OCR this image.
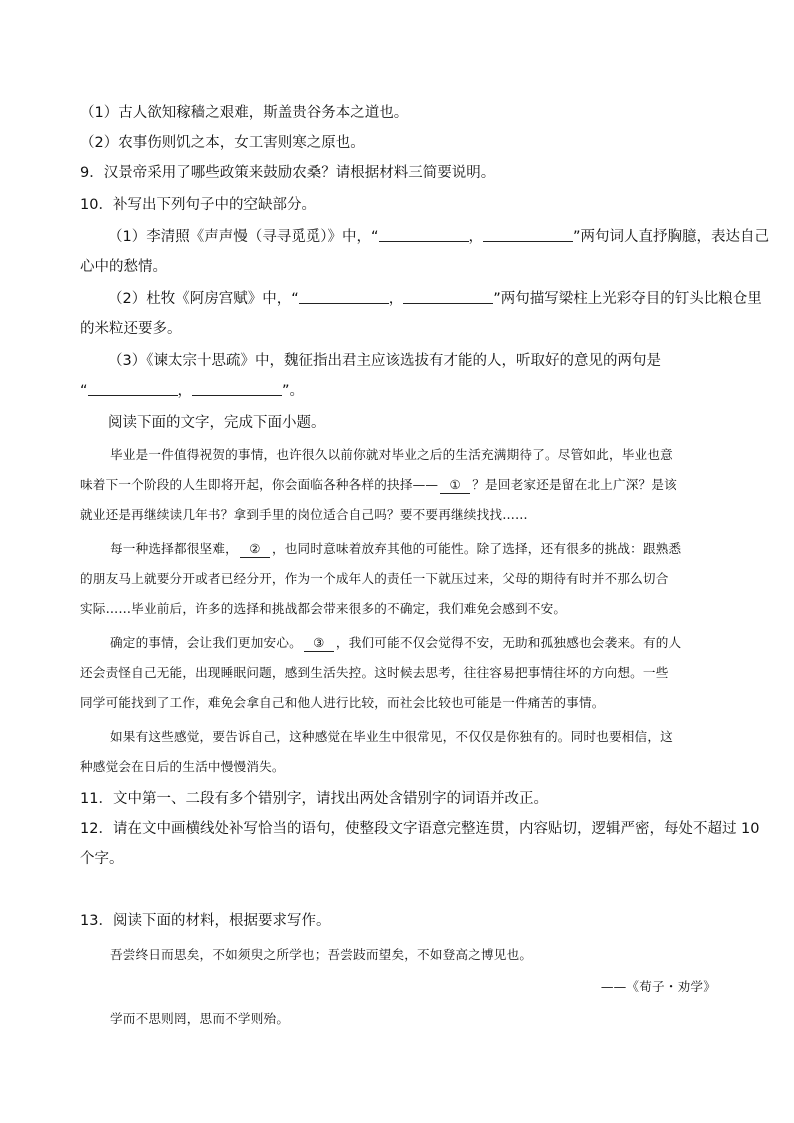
（1）古人欲知稼穑之艰难，斯盖贵谷务本之道也。
（2）农事伤则饥之本，女工害则寒之原也。
9．汉景帝采用了哪些政策来鼓励农桑？请根据材料三简要说明。
10．补写出下列句子中的空缺部分。
（1）李清照《声声慢（寻寻觅觅）》中，“	，	”两句词人直抒胸臆，表达自己
心中的愁情。
（2）杜牧《阿房宫赋》中，“	，	”两句描写梁柱上光彩夺目的钉头比粮仓里
的米粒还要多。
（3）《谏太宗十思疏》中，魏征指出君主应该选拔有才能的人，听取好的意见的两句是
“	，	”。
阅读下面的文字，完成下面小题。
毕业是一件值得祝贺的事情，也许很久以前你就对毕业之后的生活充满期待了。尽管如此，毕业也意
味着下一个阶段的人生即将开起，你会面临各种各样的抉择—— ① ？是回老家还是留在北上广深？是该
就业还是再继续读几年书？拿到手里的岗位适合自己吗？要不要再继续找找……
每一种选择都很坚难， ② ，也同时意味着放弃其他的可能性。除了选择，还有很多的挑战：跟熟悉
的朋友马上就要分开或者已经分开，作为一个成年人的责任一下就压过来，父母的期待有时并不那么切合
实际……毕业前后，许多的选择和挑战都会带来很多的不确定，我们难免会感到不安。
确定的事情，会让我们更加安心。 ③ ，我们可能不仅会觉得不安，无助和孤独感也会袭来。有的人
还会责怪自己无能，出现睡眠问题，感到生活失控。这时候去思考，往往容易把事情往坏的方向想。一些
同学可能找到了工作，难免会拿自己和他人进行比较，而社会比较也可能是一件痛苦的事情。
如果有这些感觉，要告诉自己，这种感觉在毕业生中很常见，不仅仅是你独有的。同时也要相信，这
种感觉会在日后的生活中慢慢消失。
11．文中第一、二段有多个错别字，请找出两处含错别字的词语并改正。
12．请在文中画横线处补写恰当的语句，使整段文字语意完整连贯，内容贴切，逻辑严密，每处不超过 10
个字。
13．阅读下面的材料，根据要求写作。
吾尝终日而思矣，不如须臾之所学也；吾尝跂而望矣，不如登高之博见也。
——《荀子・劝学》
学而不思则罔，思而不学则殆。
